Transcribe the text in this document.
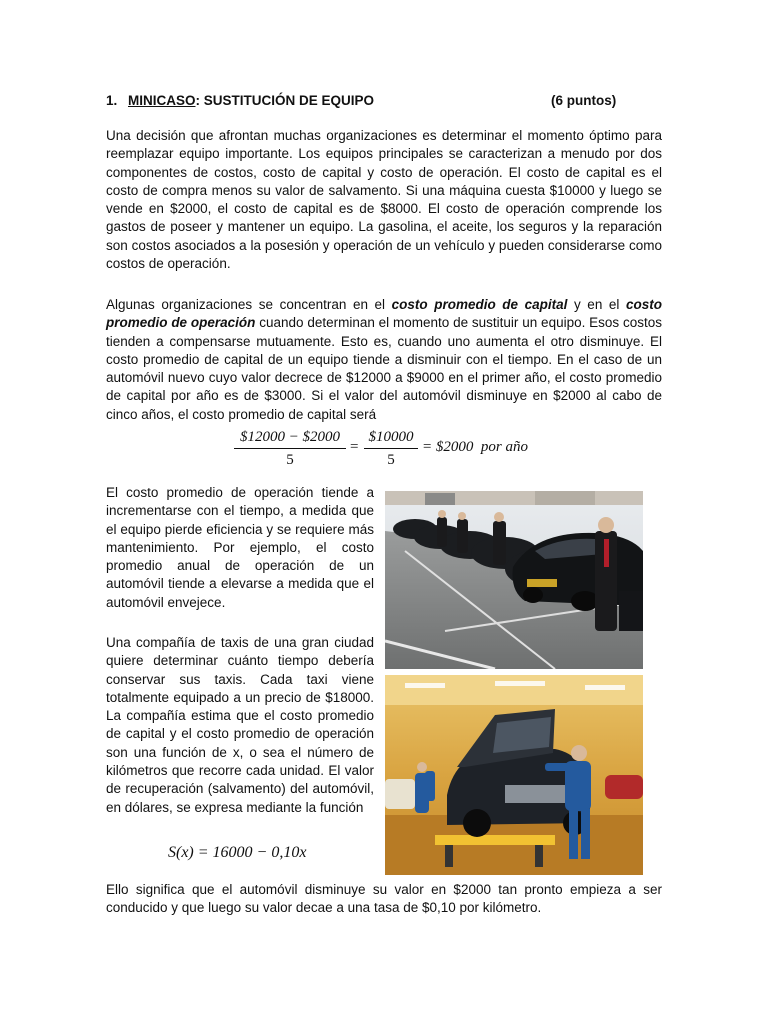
1. MINICASO: SUSTITUCIÓN DE EQUIPO	(6 puntos)

Una decisión que afrontan muchas organizaciones es determinar el momento óptimo para reemplazar equipo importante. Los equipos principales se caracterizan a menudo por dos componentes de costos, costo de capital y costo de operación. El costo de capital es el costo de compra menos su valor de salvamento. Si una máquina cuesta $10000 y luego se vende en $2000, el costo de capital es de $8000. El costo de operación comprende los gastos de poseer y mantener un equipo. La gasolina, el aceite, los seguros y la reparación son costos asociados a la posesión y operación de un vehículo y pueden considerarse como costos de operación.

Algunas organizaciones se concentran en el costo promedio de capital y en el costo promedio de operación cuando determinan el momento de sustituir un equipo. Esos costos tienden a compensarse mutuamente. Esto es, cuando uno aumenta el otro disminuye. El costo promedio de capital de un equipo tiende a disminuir con el tiempo. En el caso de un automóvil nuevo cuyo valor decrece de $12000 a $9000 en el primer año, el costo promedio de capital por año es de $3000. Si el valor del automóvil disminuye en $2000 al cabo de cinco años, el costo promedio de capital será

$12000 − $2000
5
=
$10000
5
= $2000 por año

El costo promedio de operación tiende a incrementarse con el tiempo, a medida que el equipo pierde eficiencia y se requiere más mantenimiento. Por ejemplo, el costo promedio anual de operación de un automóvil tiende a elevarse a medida que el automóvil envejece.

Una compañía de taxis de una gran ciudad quiere determinar cuánto tiempo debería conservar sus taxis. Cada taxi viene totalmente equipado a un precio de $18000. La compañía estima que el costo promedio de capital y el costo promedio de operación son una función de x, o sea el número de kilómetros que recorre cada unidad. El valor de recuperación (salvamento) del automóvil, en dólares, se expresa mediante la función

S(x) = 16000 − 0,10x

Ello significa que el automóvil disminuye su valor en $2000 tan pronto empieza a ser conducido y que luego su valor decae a una tasa de $0,10 por kilómetro.
